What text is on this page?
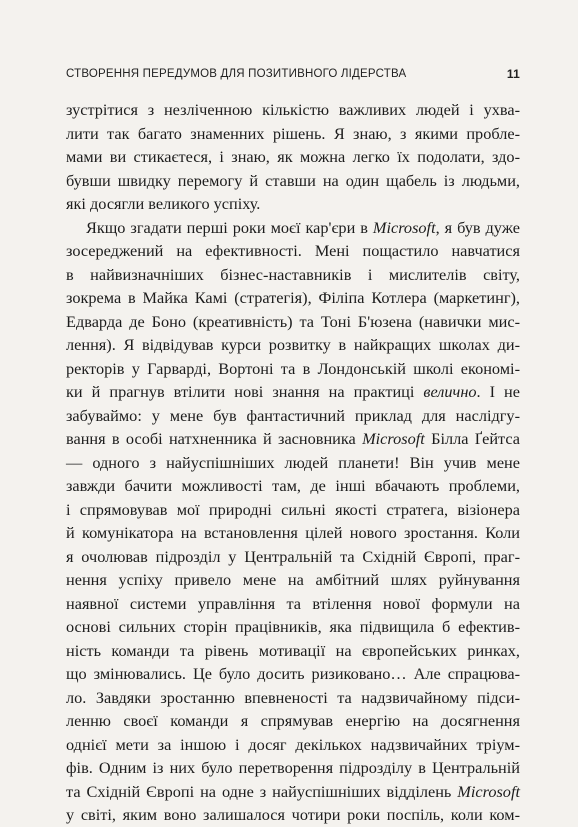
СТВОРЕННЯ ПЕРЕДУМОВ ДЛЯ ПОЗИТИВНОГО ЛІДЕРСТВА	11
зустрітися з незліченною кількістю важливих людей і ухва-
лити так багато знаменних рішень. Я знаю, з якими пробле-
мами ви стикаєтеся, і знаю, як можна легко їх подолати, здо-
бувши швидку перемогу й ставши на один щабель із людьми,
які досягли великого успіху.
Якщо згадати перші роки моєї кар'єри в Microsoft, я був дуже
зосереджений на ефективності. Мені пощастило навчатися
в найвизначніших бізнес-наставників і мислителів світу,
зокрема в Майка Камі (стратегія), Філіпа Котлера (маркетинг),
Едварда де Боно (креативність) та Тоні Б'юзена (навички мис-
лення). Я відвідував курси розвитку в найкращих школах ди-
ректорів у Гарварді, Вортоні та в Лондонській школі економі-
ки й прагнув втілити нові знання на практиці велично. І не
забуваймо: у мене був фантастичний приклад для наслідгу-
вання в особі натхненника й засновника Microsoft Білла Ґейтса
— одного з найуспішніших людей планети! Він учив мене
завжди бачити можливості там, де інші вбачають проблеми,
і спрямовував мої природні сильні якості стратега, візіонера
й комунікатора на встановлення цілей нового зростання. Коли
я очолював підрозділ у Центральній та Східній Європі, праг-
нення успіху привело мене на амбітний шлях руйнування
наявної системи управління та втілення нової формули на
основі сильних сторін працівників, яка підвищила б ефектив-
ність команди та рівень мотивації на європейських ринках,
що змінювались. Це було досить ризиковано… Але спрацюва-
ло. Завдяки зростанню впевненості та надзвичайному підси-
ленню своєї команди я спрямував енергію на досягнення
однієї мети за іншою і досяг декількох надзвичайних тріум-
фів. Одним із них було перетворення підрозділу в Центральній
та Східній Європі на одне з найуспішніших відділень Microsoft
у світі, яким воно залишалося чотири роки поспіль, коли ком-
